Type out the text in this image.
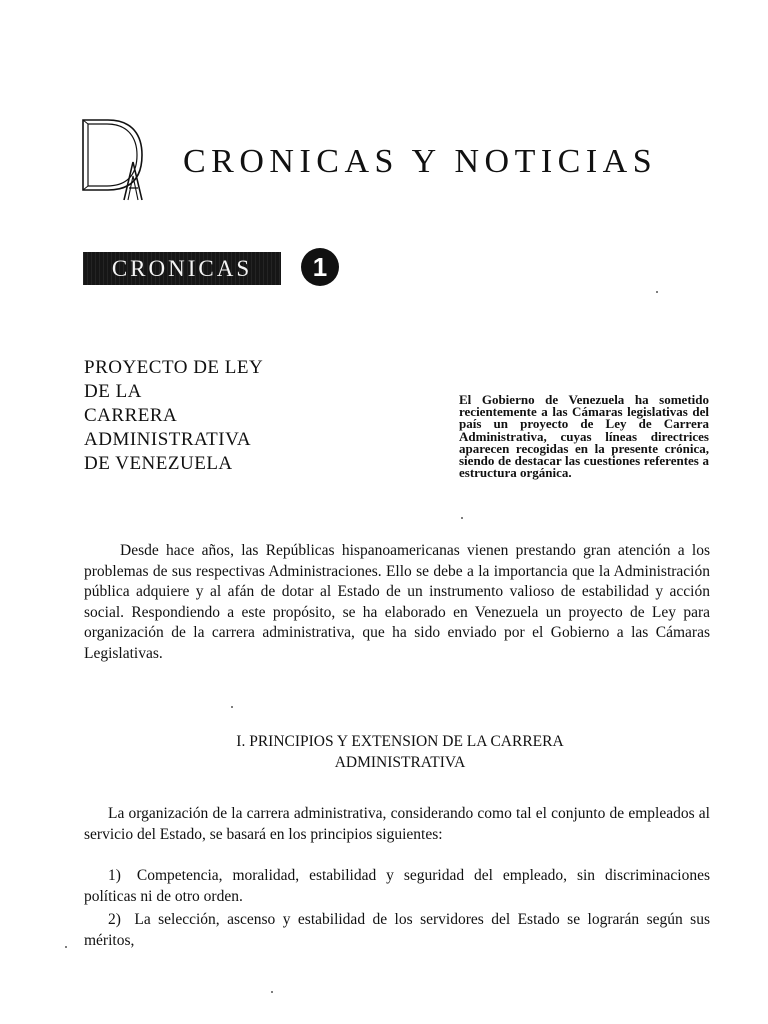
CRONICAS Y NOTICIAS
CRONICAS 1
PROYECTO DE LEY
DE LA
CARRERA
ADMINISTRATIVA
DE VENEZUELA
El Gobierno de Venezuela ha sometido recientemente a las Cámaras legislativas del país un proyecto de Ley de Carrera Administrativa, cuyas líneas directrices aparecen recogidas en la presente crónica, siendo de destacar las cuestiones referentes a estructura orgánica.

Desde hace años, las Repúblicas hispanoamericanas vienen prestando gran atención a los problemas de sus respectivas Administraciones. Ello se debe a la importancia que la Administración pública adquiere y al afán de dotar al Estado de un instrumento valioso de estabilidad y acción social. Respondiendo a este propósito, se ha elaborado en Venezuela un proyecto de Ley para organización de la carrera administrativa, que ha sido enviado por el Gobierno a las Cámaras Legislativas.

I. PRINCIPIOS Y EXTENSION DE LA CARRERA
ADMINISTRATIVA

La organización de la carrera administrativa, considerando como tal el conjunto de empleados al servicio del Estado, se basará en los principios siguientes:

1) Competencia, moralidad, estabilidad y seguridad del empleado, sin discriminaciones políticas ni de otro orden.
2) La selección, ascenso y estabilidad de los servidores del Estado se lograrán según sus méritos,
